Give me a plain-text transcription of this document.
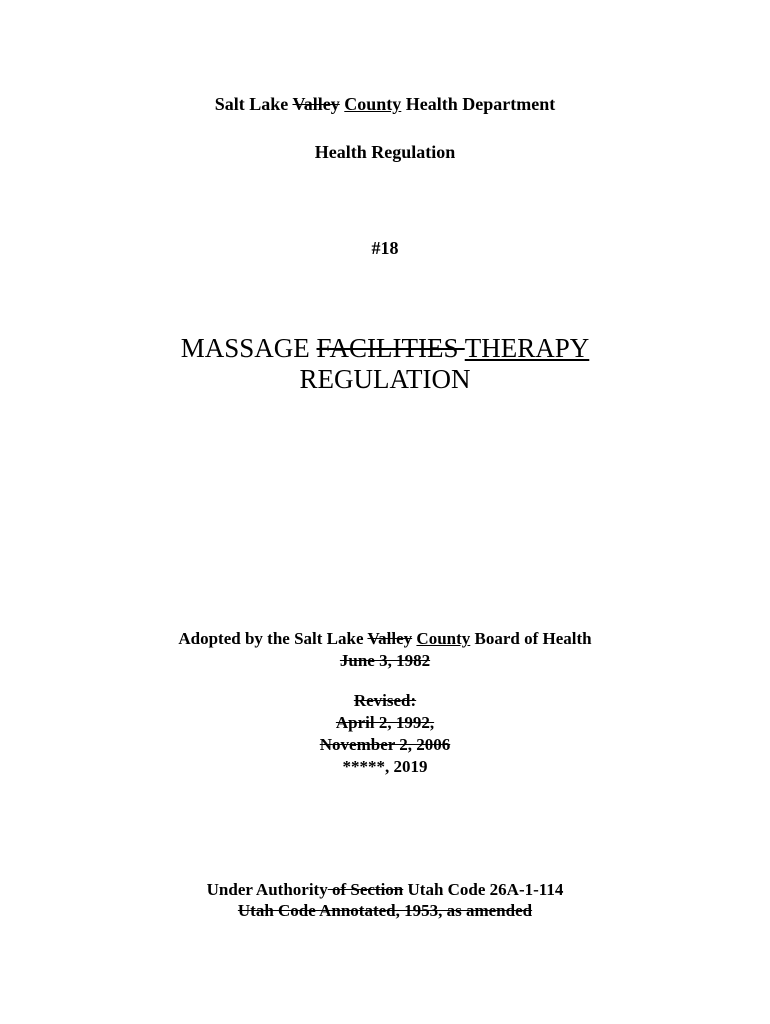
Salt Lake Valley County Health Department
Health Regulation
#18
MASSAGE FACILITIES THERAPY
REGULATION
Adopted by the Salt Lake Valley County Board of Health
June 3, 1982
Revised:
April 2, 1992,
November 2, 2006
*****, 2019
Under Authority of Section Utah Code 26A-1-114
Utah Code Annotated, 1953, as amended
